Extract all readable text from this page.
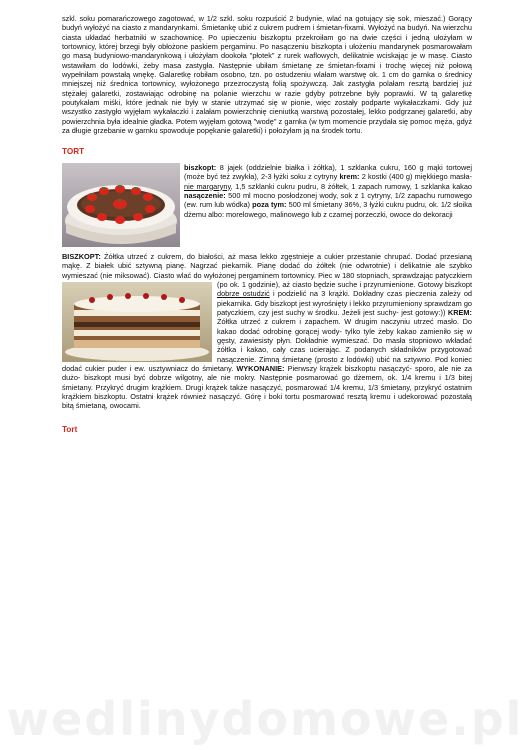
szkl. soku pomarańczowego zagotować, w 1/2 szkl. soku rozpuścić 2 budynie, wlać na gotujący się sok, mieszać.) Gorący budyń wyłożyć na ciasto z mandarynkami. Śmietankę ubić z cukrem pudrem i śmietan-fixami. Wyłożyć na budyń. Na wierzchu ciasta układać herbatniki w szachownicę. Po upieczeniu biszkoptu przekroiłam go na dwie części i jedną ułożyłam w tortownicy, której brzegi były obłożone paskiem pergaminu. Po nasączeniu biszkopta i ułożeniu mandarynek posmarowałam go masą budyniowo-mandarynkową i ułożyłam dookoła "płotek" z rurek waflowych, delikatnie wciskając je w masę. Ciasto wstawiłam do lodówki, żeby masa zastygła. Następnie ubiłam śmietanę ze śmietan-fixami i trochę więcej niż połową wypełniłam powstałą wnękę. Galaretkę robiłam osobno, tzn. po ostudzeniu wlałam warstwę ok. 1 cm do garnka o średnicy mniejszej niż średnica tortownicy, wyłożonego przezroczystą folią spożywczą. Jak zastygła polałam resztą bardziej już stężałej galaretki, zostawiając odrobinę na polanie wierzchu w razie gdyby potrzebne były poprawki. W tą galaretkę poutykałam miśki, które jednak nie były w stanie utrzymać się w pionie, więc zostały podparte wykałaczkami. Gdy już wszystko zastygło wyjęłam wykałaczki i zalałam powierzchnię cieniutką warstwą pozostałej, lekko podgrzanej galaretki, aby powierzchnia była idealnie gładka. Potem wyjęłam gotową "wodę" z garnka (w tym momencie przydała się pomoc męża, gdyż za długie grzebanie w garnku spowoduje popękanie galaretki) i położyłam ją na środek tortu.

TORT

biszkopt: 8 jajek (oddzielnie białka i żółtka), 1 szklanka cukru, 160 g mąki tortowej (może być też zwykła), 2-3 łyżki soku z cytryny krem: 2 kostki (400 g) miękkiego masła- nie margaryny, 1,5 szklanki cukru pudru, 8 żółtek, 1 zapach rumowy, 1 szklanka kakao nasączenie: 500 ml mocno posłodzonej wody, sok z 1 cytryny, 1/2 zapachu rumowego (ew. rum lub wódka) poza tym: 500 ml śmietany 36%, 3 łyżki cukru pudru, ok. 1/2 słoika dżemu albo: morelowego, malinowego lub z czarnej porzeczki, owoce do dekoracji

BISZKOPT: Żółtka utrzeć z cukrem, do białości, aż masa lekko zgęstnieje a cukier przestanie chrupać. Dodać przesianą mąkę. Z białek ubić sztywną pianę. Nagrzać piekarnik. Pianę dodać do żółtek (nie odwrotnie) i delikatnie ale szybko wymieszać (nie miksować). Ciasto wlać do wyłożonej pergaminem tortownicy. Piec w 180 stopniach, sprawdzając patyczkiem (po ok. 1 godzinie), aż ciasto będzie suche i przyrumienione. Gotowy biszkopt
dobrze ostudzić i podzielić na 3 krążki. Dokładny czas pieczenia zależy od piekarnika. Gdy biszkopt jest wyrośnięty i lekko przyrumieniony sprawdzam go patyczkiem, czy jest suchy w środku. Jeżeli jest suchy- jest gotowy:)) KREM: Żółtka utrzeć z cukrem i zapachem. W drugim naczyniu utrzeć masło. Do kakao dodać odrobinę gorącej wody- tylko tyle żeby kakao zamieniło się w gęsty, zawiesisty płyn. Dokładnie wymieszać. Do masła stopniowo wkładać żółtka i kakao, cały czas ucierając. Z podanych składników przygotować nasączenie. Zimną śmietanę (prosto z lodówki) ubić na sztywno. Pod koniec dodać cukier puder i ew. usztywniacz do śmietany. WYKONANIE: Pierwszy krążek biszkoptu nasączyć- sporo, ale nie za dużo- biszkopt musi być dobrze wilgotny, ale nie mokry. Następnie posmarować go dżemem, ok. 1/4 kremu i 1/3 bitej śmietany. Przykryć drugim krążkiem. Drugi krążek także nasączyć, posmarować 1/4 kremu, 1/3 śmietany, przykryć ostatnim krążkiem biszkoptu. Ostatni krążek również nasączyć. Górę i boki tortu posmarować resztą kremu i udekorować pozostałą bitą śmietaną, owocami.

Tort

wedlinydomowe.pl
